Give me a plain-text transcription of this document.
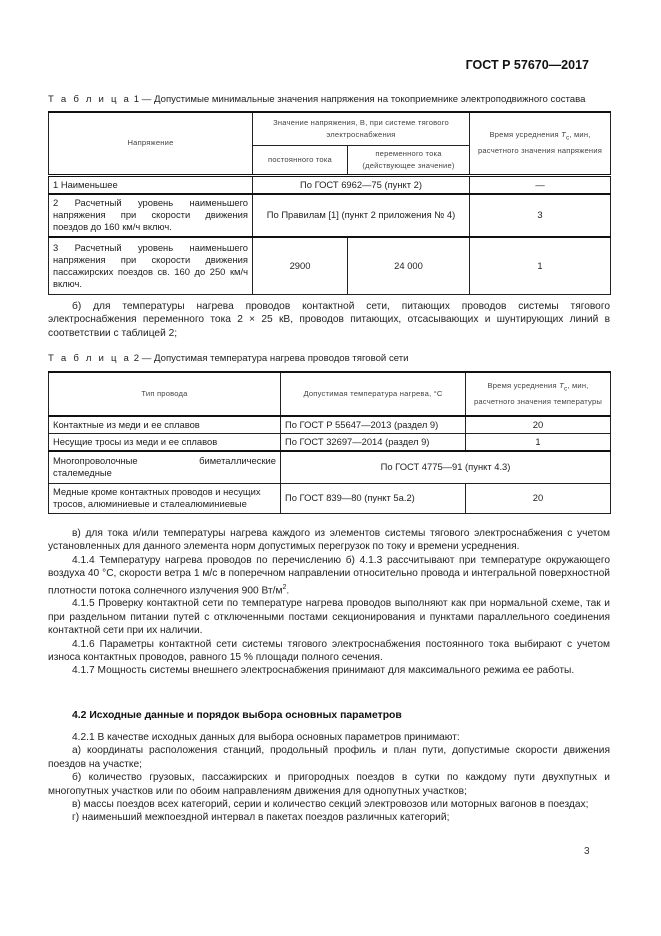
ГОСТ Р 57670—2017
Т а б л и ц а 1 — Допустимые минимальные значения напряжения на токоприемнике электроподвижного состава
Напряжение	Значение напряжения, В, при системе тягового электроснабжения		Время усреднения $T_c$, мин, расчетного значения напряжения
	постоянного тока	переменного тока (действующее значение)	
1 Наименьшее	По ГОСТ 6962—75 (пункт 2)		—
2 Расчетный уровень наименьшего напряжения при скорости движения поездов до 160 км/ч включ.	По Правилам [1] (пункт 2 приложения № 4)		3
3 Расчетный уровень наименьшего напряжения при скорости движения пассажирских поездов св. 160 до 250 км/ч включ.	2900	24 000	1

б) для температуры нагрева проводов контактной сети, питающих проводов системы тягового электроснабжения переменного тока 2 × 25 кВ, проводов питающих, отсасывающих и шунтирующих линий в соответствии с таблицей 2;

Т а б л и ц а 2 — Допустимая температура нагрева проводов тяговой сети
Тип провода	Допустимая температура нагрева, °С	Время усреднения $T_c$, мин, расчетного значения температуры
Контактные из меди и ее сплавов	По ГОСТ Р 55647—2013 (раздел 9)	20
Несущие тросы из меди и ее сплавов	По ГОСТ 32697—2014 (раздел 9)	1
Многопроволочные биметаллические сталемедные	По ГОСТ 4775—91 (пункт 4.3)	
Медные кроме контактных проводов и несущих тросов, алюминиевые и сталеалюминиевые	По ГОСТ 839—80 (пункт 5а.2)	20

в) для тока и/или температуры нагрева каждого из элементов системы тягового электроснабжения с учетом установленных для данного элемента норм допустимых перегрузок по току и времени усреднения.

4.1.4 Температуру нагрева проводов по перечислению б) 4.1.3 рассчитывают при температуре окружающего воздуха 40 °С, скорости ветра 1 м/с в поперечном направлении относительно провода и интегральной поверхностной плотности потока солнечного излучения 900 $Вт/м^2$.

4.1.5 Проверку контактной сети по температуре нагрева проводов выполняют как при нормальной схеме, так и при раздельном питании путей с отключенными постами секционирования и пунктами параллельного соединения контактной сети при их наличии.

4.1.6 Параметры контактной сети системы тягового электроснабжения постоянного тока выбирают с учетом износа контактных проводов, равного 15 % площади полного сечения.

4.1.7 Мощность системы внешнего электроснабжения принимают для максимального режима ее работы.

4.2 Исходные данные и порядок выбора основных параметров

4.2.1 В качестве исходных данных для выбора основных параметров принимают:

а) координаты расположения станций, продольный профиль и план пути, допустимые скорости движения поездов на участке;

б) количество грузовых, пассажирских и пригородных поездов в сутки по каждому пути двухпутных и многопутных участков или по обоим направлениям движения для однопутных участков;

в) массы поездов всех категорий, серии и количество секций электровозов или моторных вагонов в поездах;

г) наименьший межпоездной интервал в пакетах поездов различных категорий;

3
